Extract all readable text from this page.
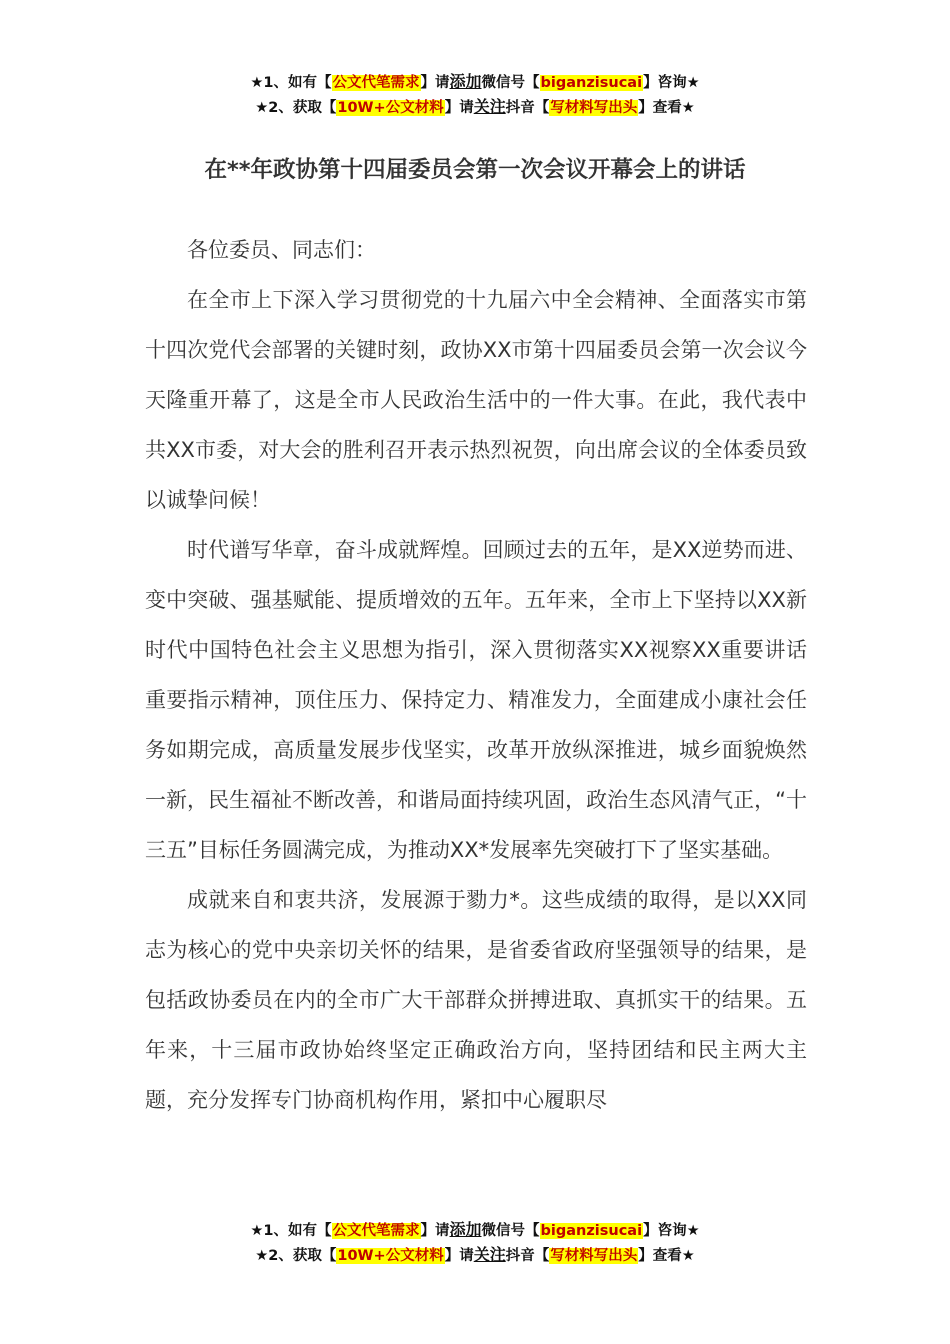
★1、如有【公文代笔需求】请添加微信号【biganzisucai】咨询★
★2、获取【10W+公文材料】请关注抖音【写材料写出头】查看★
在**年政协第十四届委员会第一次会议开幕会上的讲话

各位委员、同志们：

在全市上下深入学习贯彻党的十九届六中全会精神、全面落实市第十四次党代会部署的关键时刻，政协XX市第十四届委员会第一次会议今天隆重开幕了，这是全市人民政治生活中的一件大事。在此，我代表中共XX市委，对大会的胜利召开表示热烈祝贺，向出席会议的全体委员致以诚挚问候！

时代谱写华章，奋斗成就辉煌。回顾过去的五年，是XX逆势而进、变中突破、强基赋能、提质增效的五年。五年来，全市上下坚持以XX新时代中国特色社会主义思想为指引，深入贯彻落实XX视察XX重要讲话重要指示精神，顶住压力、保持定力、精准发力，全面建成小康社会任务如期完成，高质量发展步伐坚实，改革开放纵深推进，城乡面貌焕然一新，民生福祉不断改善，和谐局面持续巩固，政治生态风清气正，“十三五”目标任务圆满完成，为推动XX*发展率先突破打下了坚实基础。

成就来自和衷共济，发展源于勠力*。这些成绩的取得，是以XX同志为核心的党中央亲切关怀的结果，是省委省政府坚强领导的结果，是包括政协委员在内的全市广大干部群众拼搏进取、真抓实干的结果。五年来，十三届市政协始终坚定正确政治方向，坚持团结和民主两大主题，充分发挥专门协商机构作用，紧扣中心履职尽

★1、如有【公文代笔需求】请添加微信号【biganzisucai】咨询★
★2、获取【10W+公文材料】请关注抖音【写材料写出头】查看★
